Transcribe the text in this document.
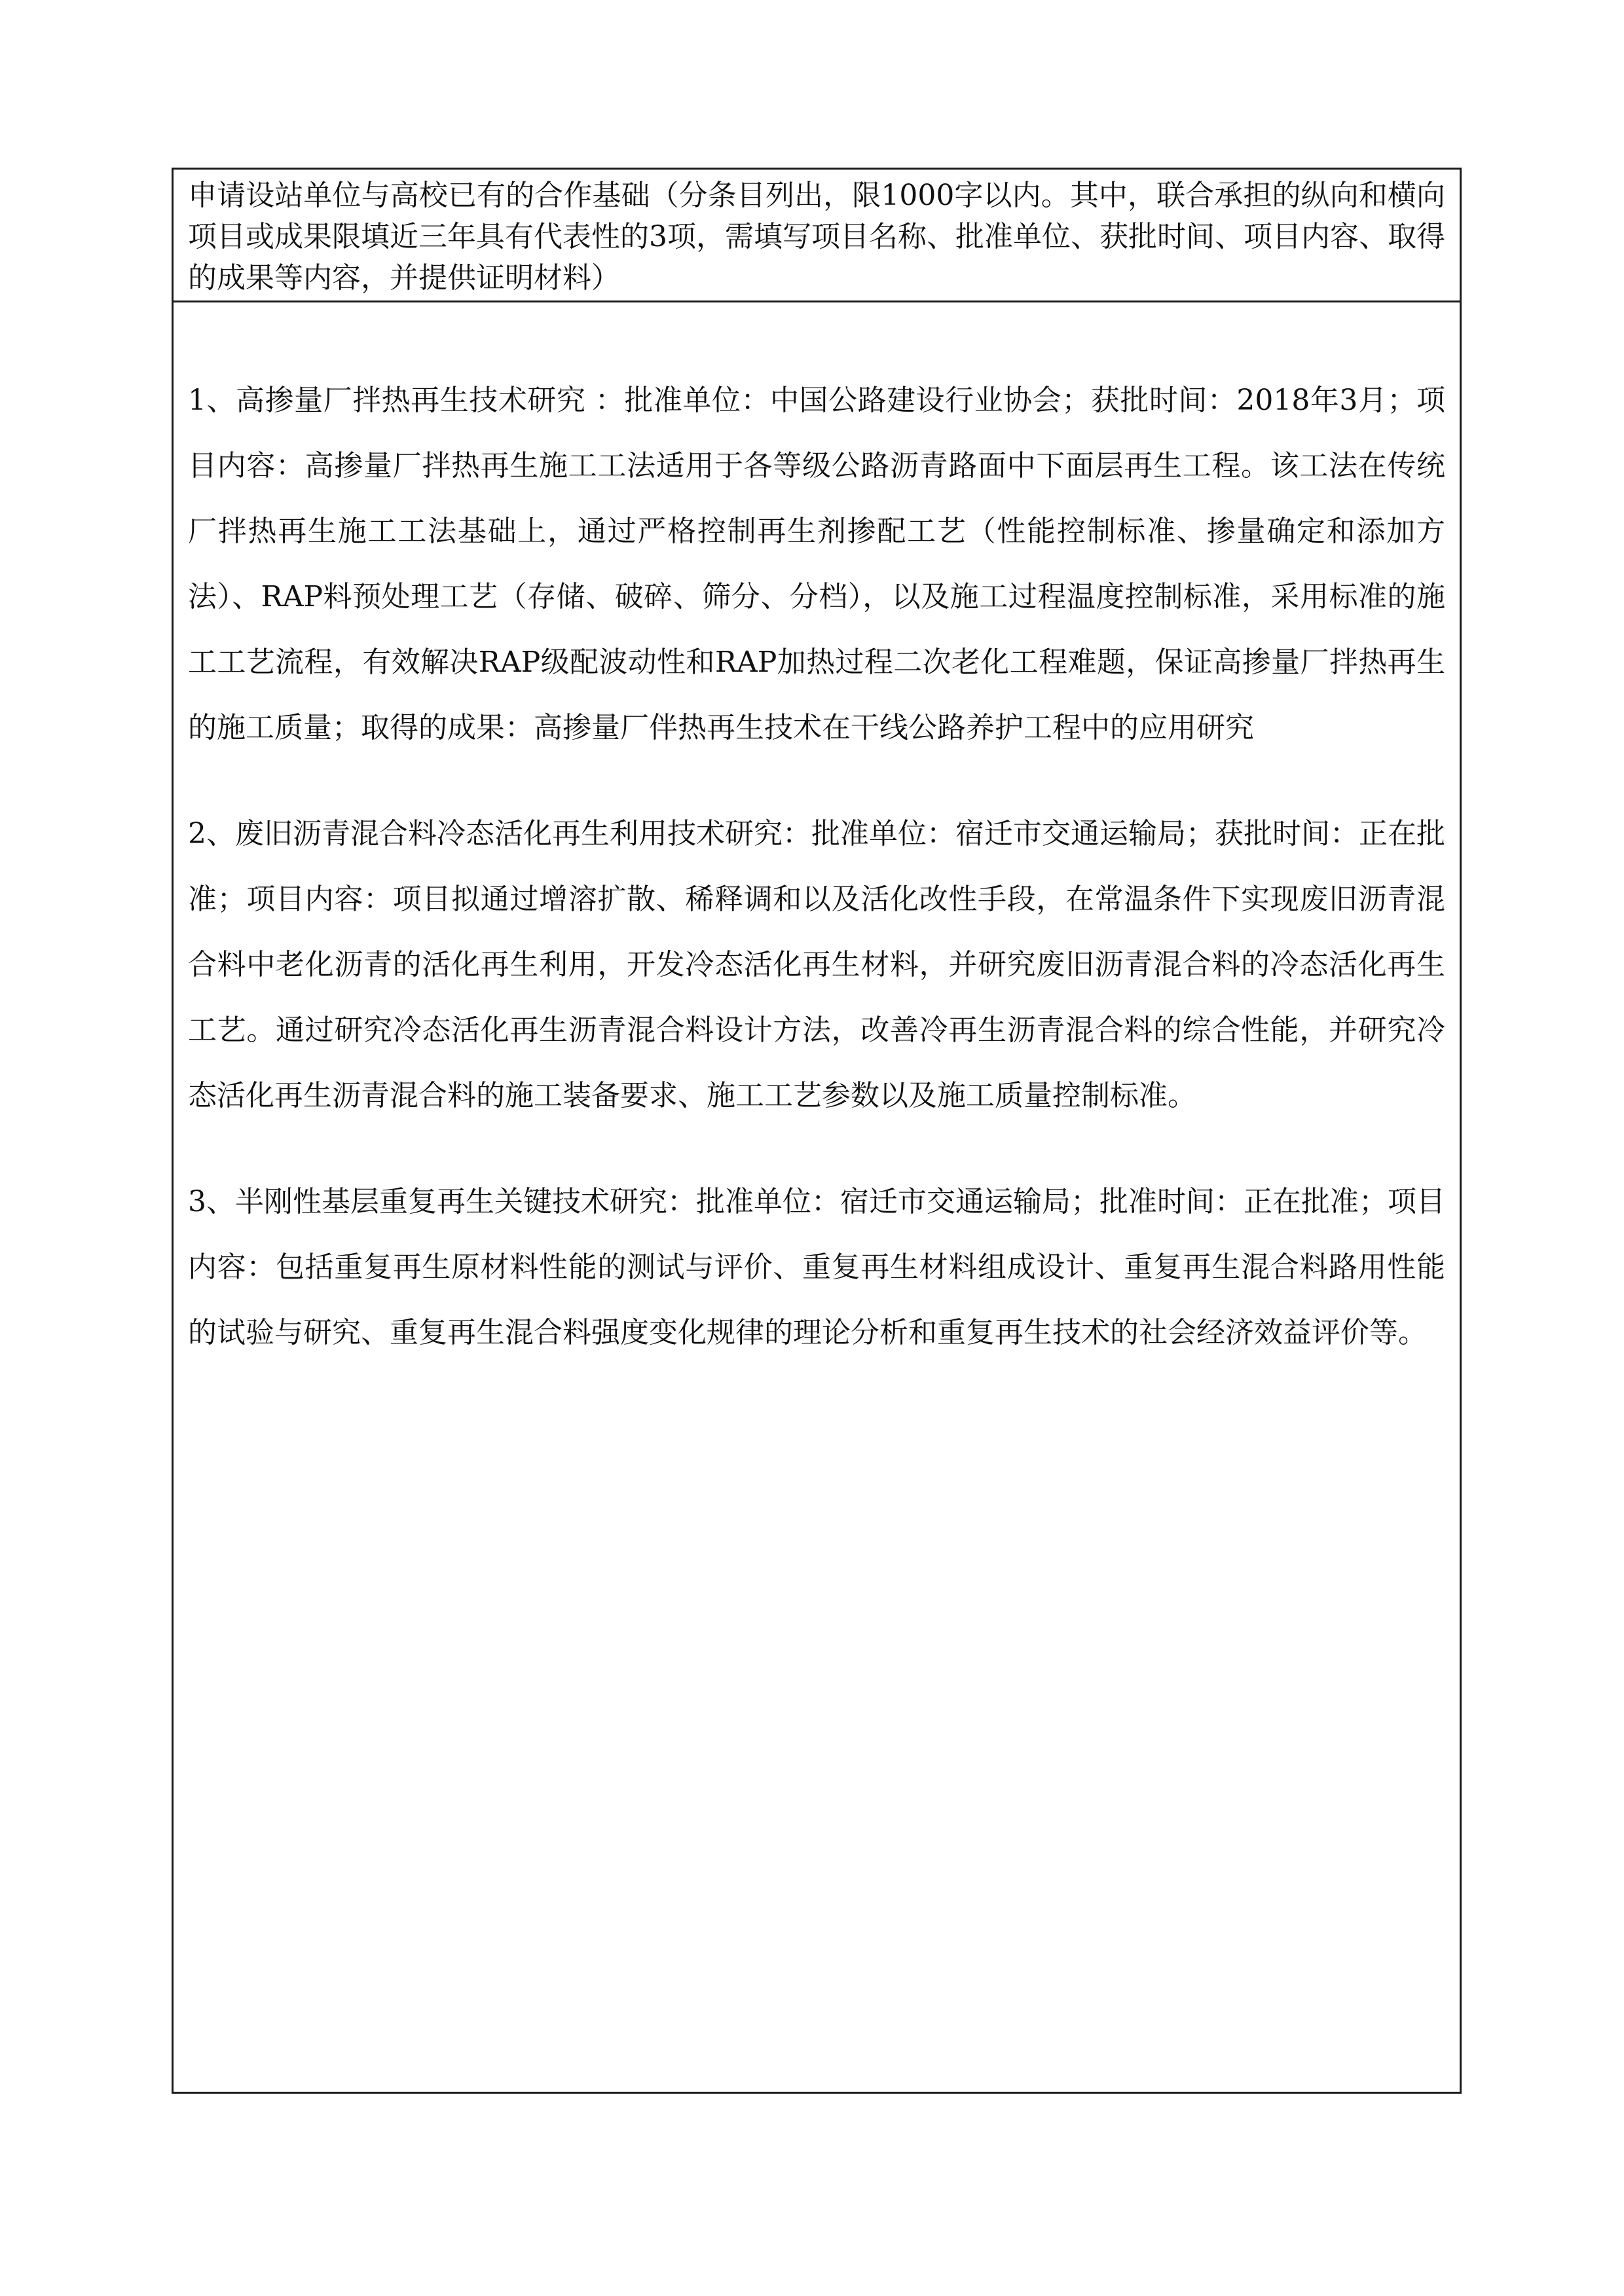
申请设站单位与高校已有的合作基础（分条目列出，限1000字以内。其中，联合承担的纵向和横向项目或成果限填近三年具有代表性的3项，需填写项目名称、批准单位、获批时间、项目内容、取得的成果等内容，并提供证明材料）

1、高掺量厂拌热再生技术研究 ：批准单位：中国公路建设行业协会；获批时间：2018年3月；项目内容：高掺量厂拌热再生施工工法适用于各等级公路沥青路面中下面层再生工程。该工法在传统厂拌热再生施工工法基础上，通过严格控制再生剂掺配工艺（性能控制标准、掺量确定和添加方法）、RAP料预处理工艺（存储、破碎、筛分、分档），以及施工过程温度控制标准，采用标准的施工工艺流程，有效解决RAP级配波动性和RAP加热过程二次老化工程难题，保证高掺量厂拌热再生的施工质量；取得的成果：高掺量厂伴热再生技术在干线公路养护工程中的应用研究

2、废旧沥青混合料冷态活化再生利用技术研究：批准单位：宿迁市交通运输局；获批时间：正在批准；项目内容：项目拟通过增溶扩散、稀释调和以及活化改性手段，在常温条件下实现废旧沥青混合料中老化沥青的活化再生利用，开发冷态活化再生材料，并研究废旧沥青混合料的冷态活化再生工艺。通过研究冷态活化再生沥青混合料设计方法，改善冷再生沥青混合料的综合性能，并研究冷态活化再生沥青混合料的施工装备要求、施工工艺参数以及施工质量控制标准。

3、半刚性基层重复再生关键技术研究：批准单位：宿迁市交通运输局；批准时间：正在批准；项目内容：包括重复再生原材料性能的测试与评价、重复再生材料组成设计、重复再生混合料路用性能的试验与研究、重复再生混合料强度变化规律的理论分析和重复再生技术的社会经济效益评价等。
